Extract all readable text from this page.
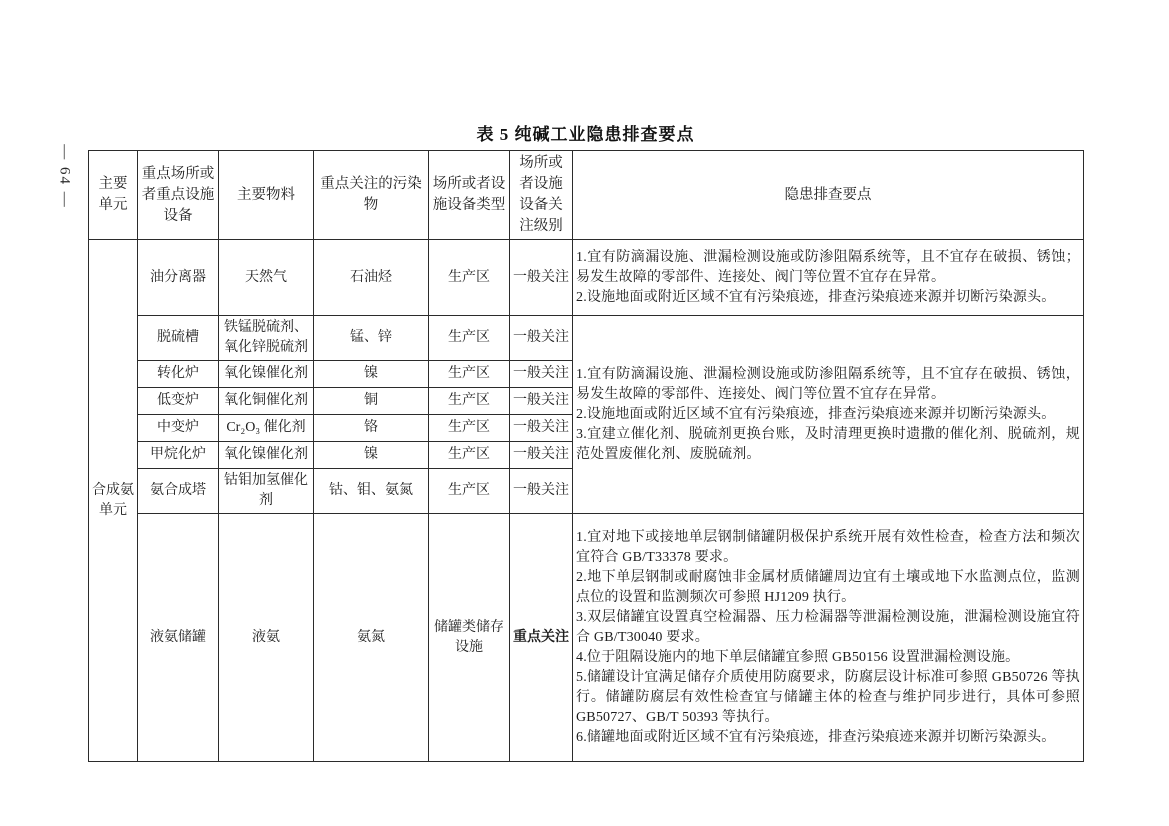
— 64 —
表 5 纯碱工业隐患排查要点
主要单元	重点场所或者重点设施设备	主要物料	重点关注的污染物	场所或者设施设备类型	场所或者设施设备关注级别	隐患排查要点
合成氨单元	油分离器	天然气	石油烃	生产区	一般关注	1.宜有防滴漏设施、泄漏检测设施或防渗阻隔系统等，且不宜存在破损、锈蚀；易发生故障的零部件、连接处、阀门等位置不宜存在异常。

2.设施地面或附近区域不宜有污染痕迹，排查污染痕迹来源并切断污染源头。

	脱硫槽	铁锰脱硫剂、氧化锌脱硫剂	锰、锌	生产区	一般关注	1.宜有防滴漏设施、泄漏检测设施或防渗阻隔系统等，且不宜存在破损、锈蚀，易发生故障的零部件、连接处、阀门等位置不宜存在异常。

2.设施地面或附近区域不宜有污染痕迹，排查污染痕迹来源并切断污染源头。

3.宜建立催化剂、脱硫剂更换台账，及时清理更换时遗撒的催化剂、脱硫剂，规范处置废催化剂、废脱硫剂。

	转化炉	氧化镍催化剂	镍	生产区	一般关注	
	低变炉	氧化铜催化剂	铜	生产区	一般关注	
	中变炉	Cr₂O₃ 催化剂	铬	生产区	一般关注	
	甲烷化炉	氧化镍催化剂	镍	生产区	一般关注	
	氨合成塔	钴钼加氢催化剂	钴、钼、氨氮	生产区	一般关注	
液氨储罐	液氨	氨氮	储罐类储存设施	重点关注	

1.宜对地下或接地单层钢制储罐阴极保护系统开展有效性检查，检查方法和频次宜符合 GB/T33378 要求。

2.地下单层钢制或耐腐蚀非金属材质储罐周边宜有土壤或地下水监测点位，监测点位的设置和监测频次可参照 HJ1209 执行。

3.双层储罐宜设置真空检漏器、压力检漏器等泄漏检测设施，泄漏检测设施宜符合 GB/T30040 要求。

4.位于阻隔设施内的地下单层储罐宜参照 GB50156 设置泄漏检测设施。

5.储罐设计宜满足储存介质使用防腐要求，防腐层设计标准可参照 GB50726 等执行。储罐防腐层有效性检查宜与储罐主体的检查与维护同步进行，具体可参照 GB50727、GB/T 50393 等执行。

6.储罐地面或附近区域不宜有污染痕迹，排查污染痕迹来源并切断污染源头。
